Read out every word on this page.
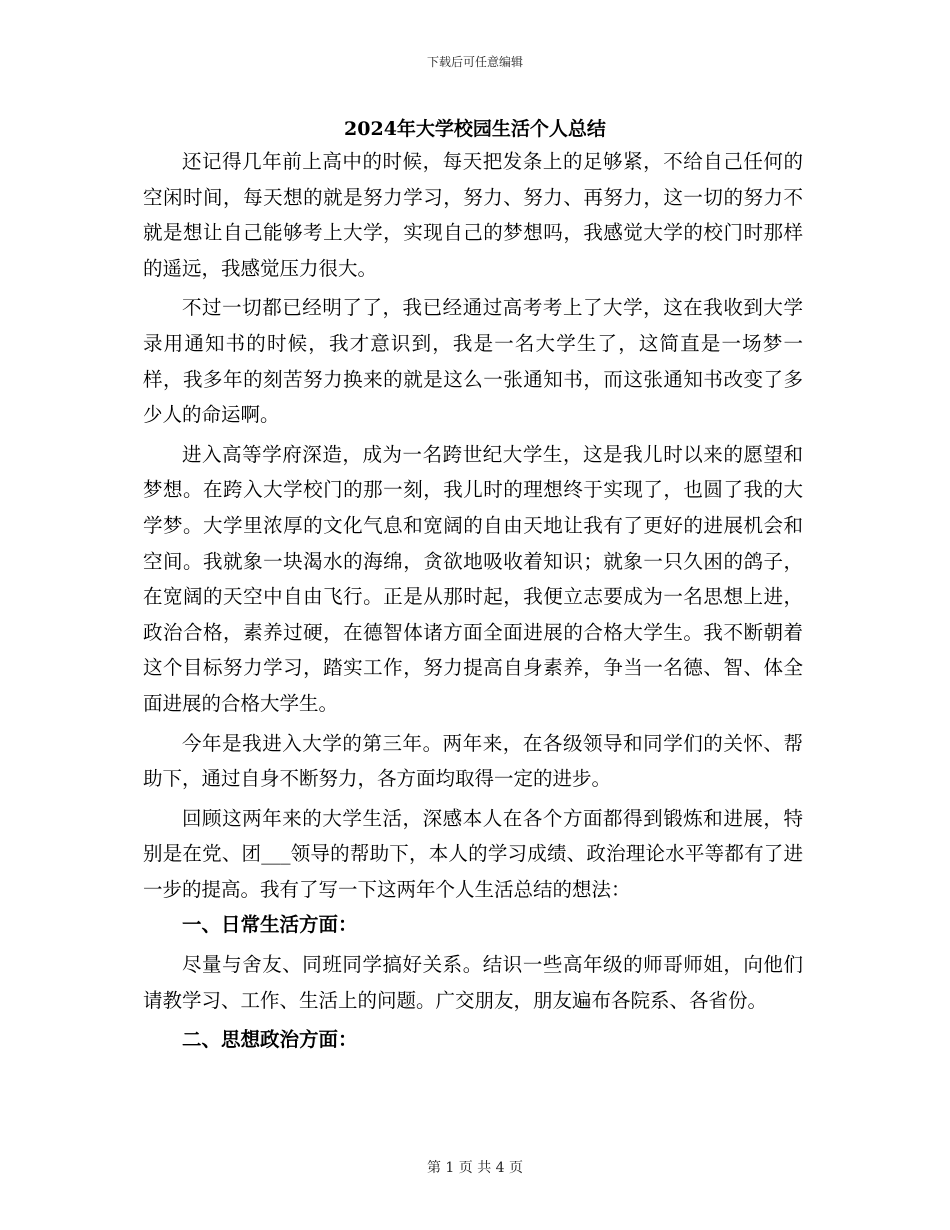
下载后可任意编辑
2024年大学校园生活个人总结

还记得几年前上高中的时候，每天把发条上的足够紧，不给自己任何的空闲时间，每天想的就是努力学习，努力、努力、再努力，这一切的努力不就是想让自己能够考上大学，实现自己的梦想吗，我感觉大学的校门时那样的遥远，我感觉压力很大。

不过一切都已经明了了，我已经通过高考考上了大学，这在我收到大学录用通知书的时候，我才意识到，我是一名大学生了，这简直是一场梦一样，我多年的刻苦努力换来的就是这么一张通知书，而这张通知书改变了多少人的命运啊。

进入高等学府深造，成为一名跨世纪大学生，这是我儿时以来的愿望和梦想。在跨入大学校门的那一刻，我儿时的理想终于实现了，也圆了我的大学梦。大学里浓厚的文化气息和宽阔的自由天地让我有了更好的进展机会和空间。我就象一块渴水的海绵，贪欲地吸收着知识；就象一只久困的鸽子，在宽阔的天空中自由飞行。正是从那时起，我便立志要成为一名思想上进，政治合格，素养过硬，在德智体诸方面全面进展的合格大学生。我不断朝着这个目标努力学习，踏实工作，努力提高自身素养，争当一名德、智、体全面进展的合格大学生。

今年是我进入大学的第三年。两年来，在各级领导和同学们的关怀、帮助下，通过自身不断努力，各方面均取得一定的进步。

回顾这两年来的大学生活，深感本人在各个方面都得到锻炼和进展，特别是在党、团___领导的帮助下，本人的学习成绩、政治理论水平等都有了进一步的提高。我有了写一下这两年个人生活总结的想法：

一、日常生活方面：

尽量与舍友、同班同学搞好关系。结识一些高年级的师哥师姐，向他们请教学习、工作、生活上的问题。广交朋友，朋友遍布各院系、各省份。

二、思想政治方面：

第 1 页 共 4 页
